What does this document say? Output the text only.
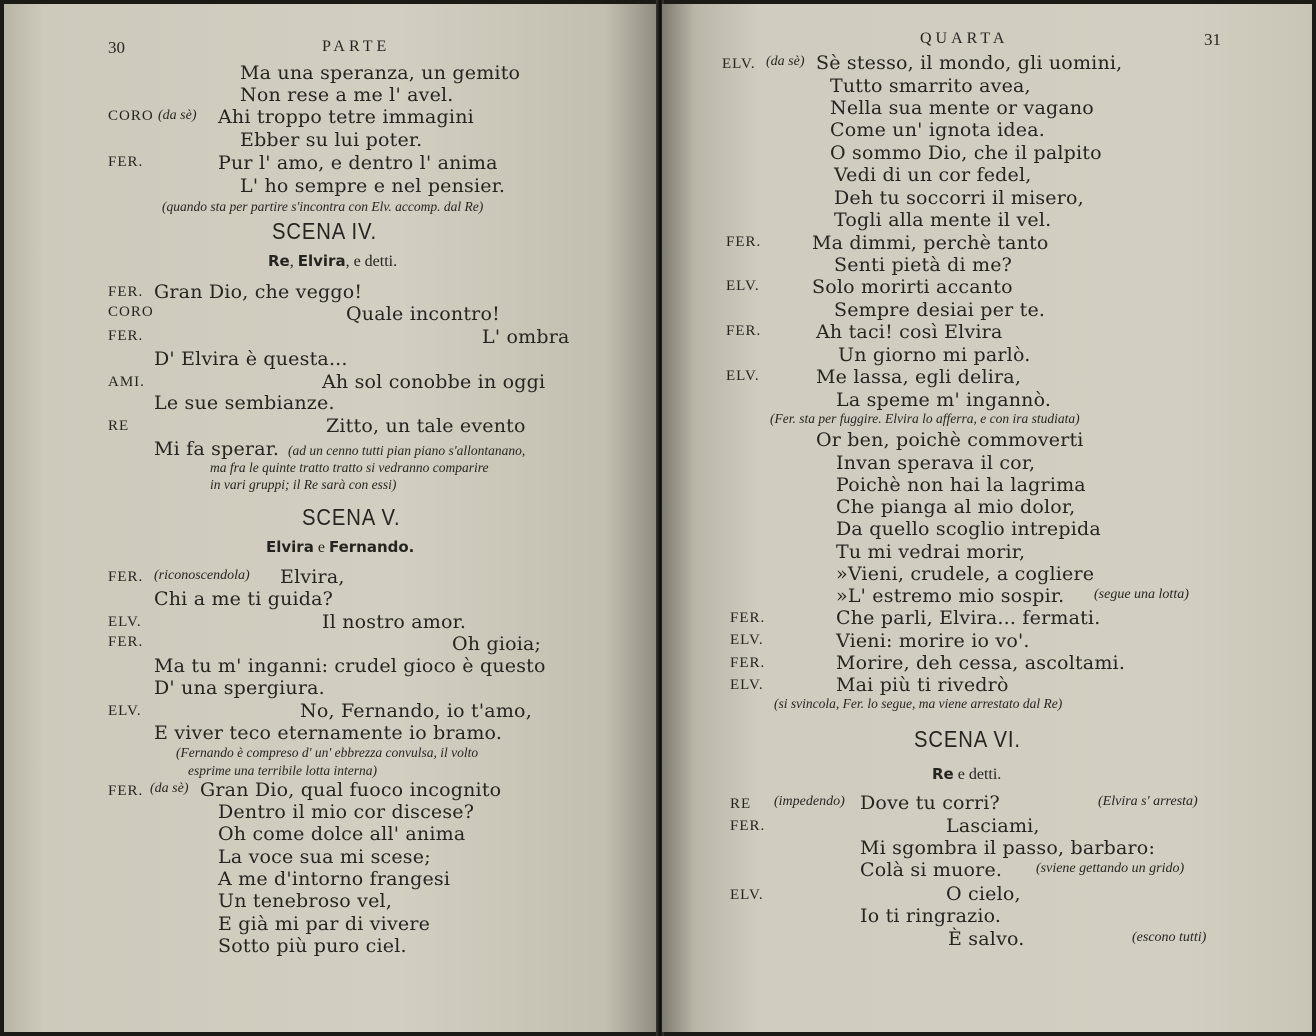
30	PARTE
Ma una speranza, un gemito
Non rese a me l' avel.
CORO (da sè) Ahi troppo tetre immagini
Ebber su lui poter.
FER.	Pur l' amo, e dentro l' anima
L' ho sempre e nel pensier.
(quando sta per partire s'incontra con Elv. accomp. dal Re)
SCENA IV.
Re, Elvira, e detti.
FER. Gran Dio, che veggo!
CORO	Quale incontro!
FER.	L' ombra
D' Elvira è questa...
AMI.	Ah sol conobbe in oggi
Le sue sembianze.
RE	Zitto, un tale evento
Mi fa sperar. (ad un cenno tutti pian piano s'allontanano,
ma fra le quinte tratto tratto si vedranno comparire
in vari gruppi; il Re sarà con essi)
SCENA V.
Elvira e Fernando.
FER. (riconoscendola) Elvira,
Chi a me ti guida?
ELV.	Il nostro amor.
FER.	Oh gioia;
Ma tu m' inganni: crudel gioco è questo
D' una spergiura.
ELV.	No, Fernando, io t'amo,
E viver teco eternamente io bramo.
(Fernando è compreso d' un' ebbrezza convulsa, il volto
esprime una terribile lotta interna)
FER. (da sè) Gran Dio, qual fuoco incognito
Dentro il mio cor discese?
Oh come dolce all' anima
La voce sua mi scese;
A me d'intorno frangesi
Un tenebroso vel,
E già mi par di vivere
Sotto più puro ciel.
QUARTA	31
ELV. (da sè) Sè stesso, il mondo, gli uomini,
Tutto smarrito avea,
Nella sua mente or vagano
Come un' ignota idea.
O sommo Dio, che il palpito
Vedi di un cor fedel,
Deh tu soccorri il misero,
Togli alla mente il vel.
FER.	Ma dimmi, perchè tanto
Senti pietà di me?
ELV.	Solo morirti accanto
Sempre desiai per te.
FER.	Ah taci! così Elvira
Un giorno mi parlò.
ELV.	Me lassa, egli delira,
La speme m' ingannò.
(Fer. sta per fuggire. Elvira lo afferra, e con ira studiata)
Or ben, poichè commoverti
Invan sperava il cor,
Poichè non hai la lagrima
Che pianga al mio dolor,
Da quello scoglio intrepida
Tu mi vedrai morir,
»Vieni, crudele, a cogliere
»L' estremo mio sospir. (segue una lotta)
FER.	Che parli, Elvira... fermati.
ELV.	Vieni: morire io vo'.
FER.	Morire, deh cessa, ascoltami.
ELV.	Mai più ti rivedrò
(si svincola, Fer. lo segue, ma viene arrestato dal Re)
SCENA VI.
Re e detti.
RE (impedendo) Dove tu corri?	(Elvira s' arresta)
FER.	Lasciami,
Mi sgombra il passo, barbaro:
Colà si muore. (sviene gettando un grido)
ELV.	O cielo,
Io ti ringrazio.
È salvo.	(escono tutti)
